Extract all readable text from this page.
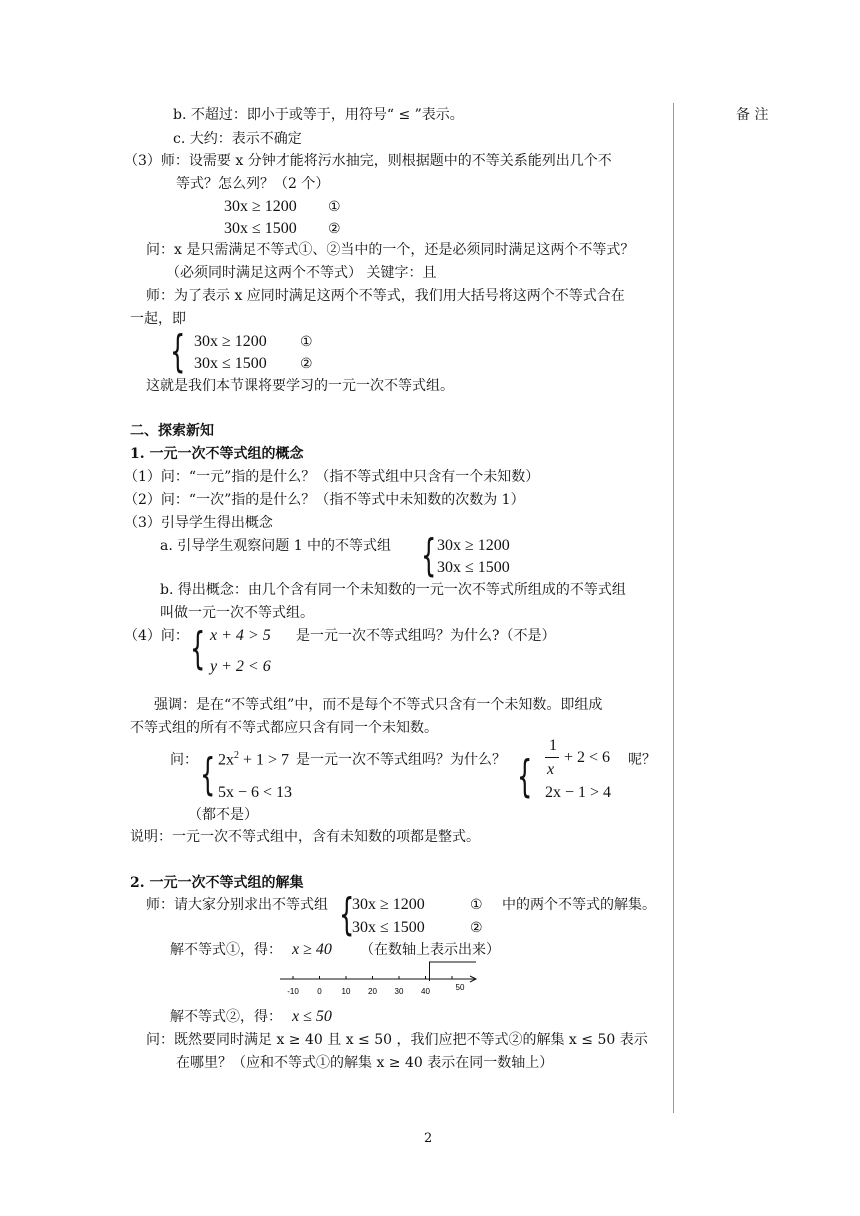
备 注
b. 不超过：即小于或等于，用符号“ ≤ ”表示。
c. 大约：表示不确定
（3）师：设需要 x 分钟才能将污水抽完，则根据题中的不等关系能列出几个不
等式？怎么列？（2 个）
30x ≥ 1200 ①
30x ≤ 1500 ②
问：x 是只需满足不等式①、②当中的一个，还是必须同时满足这两个不等式？
（必须同时满足这两个不等式） 关键字：且
师：为了表示 x 应同时满足这两个不等式，我们用大括号将这两个不等式合在
一起，即
{ 30x ≥ 1200 ①
30x ≤ 1500 ②
这就是我们本节课将要学习的一元一次不等式组。
二、探索新知
1. 一元一次不等式组的概念
（1）问：“一元”指的是什么？（指不等式组中只含有一个未知数）
（2）问：“一次”指的是什么？（指不等式中未知数的次数为 1）
（3）引导学生得出概念
a. 引导学生观察问题 1 中的不等式组 { 30x ≥ 1200
30x ≤ 1500
b. 得出概念：由几个含有同一个未知数的一元一次不等式所组成的不等式组
叫做一元一次不等式组。
（4）问： { x + 4 > 5
y + 2 < 6
是一元一次不等式组吗？为什么?（不是）
强调：是在“不等式组”中，而不是每个不等式只含有一个未知数。即组成
不等式组的所有不等式都应只含有同一个未知数。
问： { $2x^2 + 1 > 7$
5x − 6 < 13
是一元一次不等式组吗？为什么？ {
1
x
+ 2 < 6 呢？
2x − 1 > 4
（都不是）
说明：一元一次不等式组中，含有未知数的项都是整式。
2. 一元一次不等式组的解集
师：请大家分别求出不等式组 {
30x ≥ 1200	①
30x ≤ 1500	②
中的两个不等式的解集。
解不等式①，得： x ≥ 40 （在数轴上表示出来）
-10 0 10 20 30 40	50
解不等式②，得： x ≤ 50
问：既然要同时满足 x ≥ 40 且 x ≤ 50 ，我们应把不等式②的解集 x ≤ 50 表示
在哪里？（应和不等式①的解集 x ≥ 40 表示在同一数轴上）
2
